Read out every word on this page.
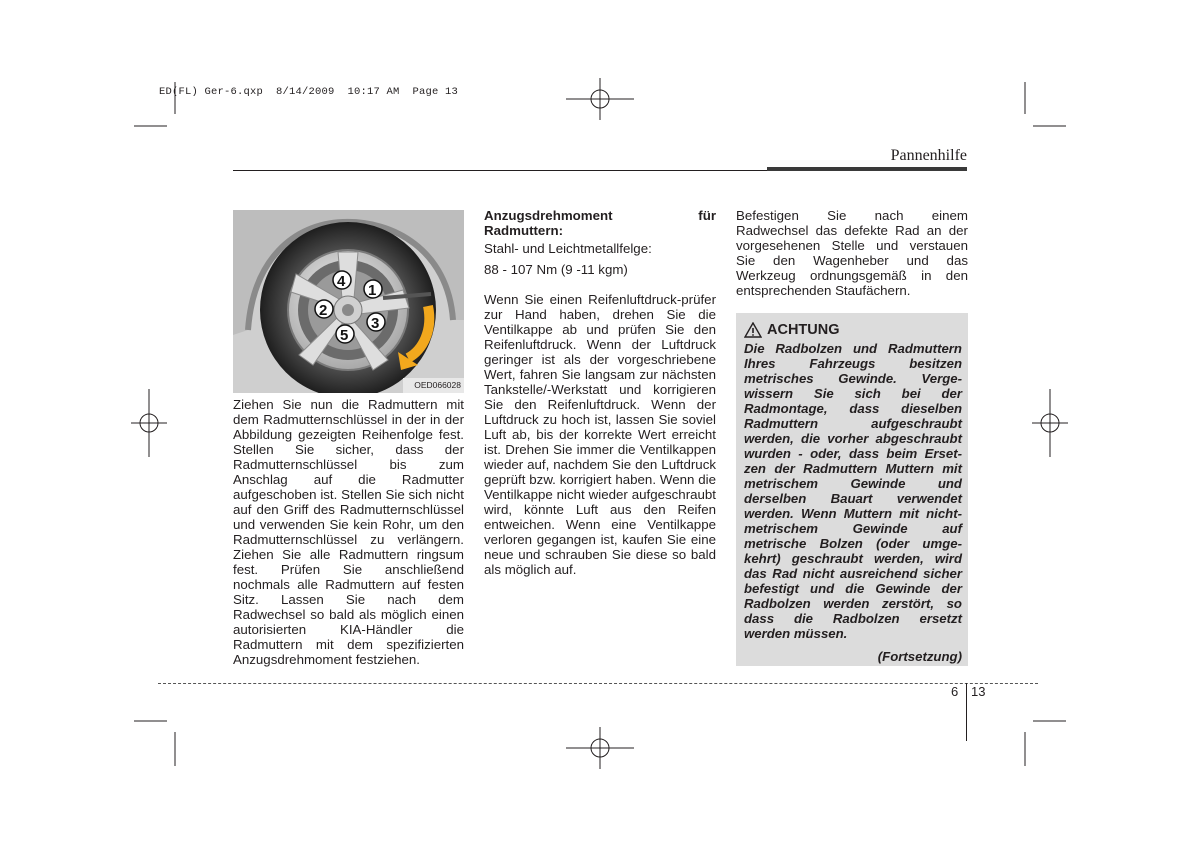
ED(FL) Ger-6.qxp  8/14/2009  10:17 AM  Page 13
Pannenhilfe
1
2
3
4
5
OED066028

Ziehen Sie nun die Radmuttern mit dem Radmutternschlüssel in der in der Abbildung gezeigten Reihenfolge fest. Stellen Sie sicher, dass der Radmutternschlüssel bis zum Anschlag auf die Radmutter aufgeschoben ist. Stellen Sie sich nicht auf den Griff des Radmutternschlüssel und verwenden Sie kein Rohr, um den Radmutternschlüssel zu verlängern. Ziehen Sie alle Radmuttern ringsum fest. Prüfen Sie anschließend nochmals alle Radmuttern auf festen Sitz. Lassen Sie nach dem Radwechsel so bald als möglich einen autorisierten KIA-Händler die Radmuttern mit dem spezifizierten Anzugsdrehmoment festziehen.

Anzugsdrehmoment für Radmuttern:

Stahl- und Leichtmetallfelge:

88 - 107 Nm (9 -11 kgm)

Wenn Sie einen Reifenluftdruck-prüfer zur Hand haben, drehen Sie die Ventilkappe ab und prüfen Sie den Reifenluftdruck. Wenn der Luftdruck geringer ist als der vorgeschriebene Wert, fahren Sie langsam zur nächsten Tankstelle/-Werkstatt und korrigieren Sie den Reifenluftdruck. Wenn der Luftdruck zu hoch ist, lassen Sie soviel Luft ab, bis der korrekte Wert erreicht ist. Drehen Sie immer die Ventilkappen wieder auf, nachdem Sie den Luftdruck geprüft bzw. korrigiert haben. Wenn die Ventilkappe nicht wieder aufgeschraubt wird, könnte Luft aus den Reifen entweichen. Wenn eine Ventilkappe verloren gegangen ist, kaufen Sie eine neue und schrauben Sie diese so bald als möglich auf.

Befestigen Sie nach einem Radwechsel das defekte Rad an der vorgesehenen Stelle und verstauen Sie den Wagenheber und das Werkzeug ordnungsgemäß in den entsprechenden Staufächern.

ACHTUNG

Die Radbolzen und Radmuttern Ihres Fahrzeugs besitzen metrisches Gewinde. Verge-wissern Sie sich bei der Radmontage, dass dieselben Radmuttern aufgeschraubt werden, die vorher abgeschraubt wurden - oder, dass beim Erset-zen der Radmuttern Muttern mit metrischem Gewinde und derselben Bauart verwendet werden. Wenn Muttern mit nicht-metrischem Gewinde auf metrische Bolzen (oder umge-kehrt) geschraubt werden, wird das Rad nicht ausreichend sicher befestigt und die Gewinde der Radbolzen werden zerstört, so dass die Radbolzen ersetzt werden müssen.

(Fortsetzung)

6 13
